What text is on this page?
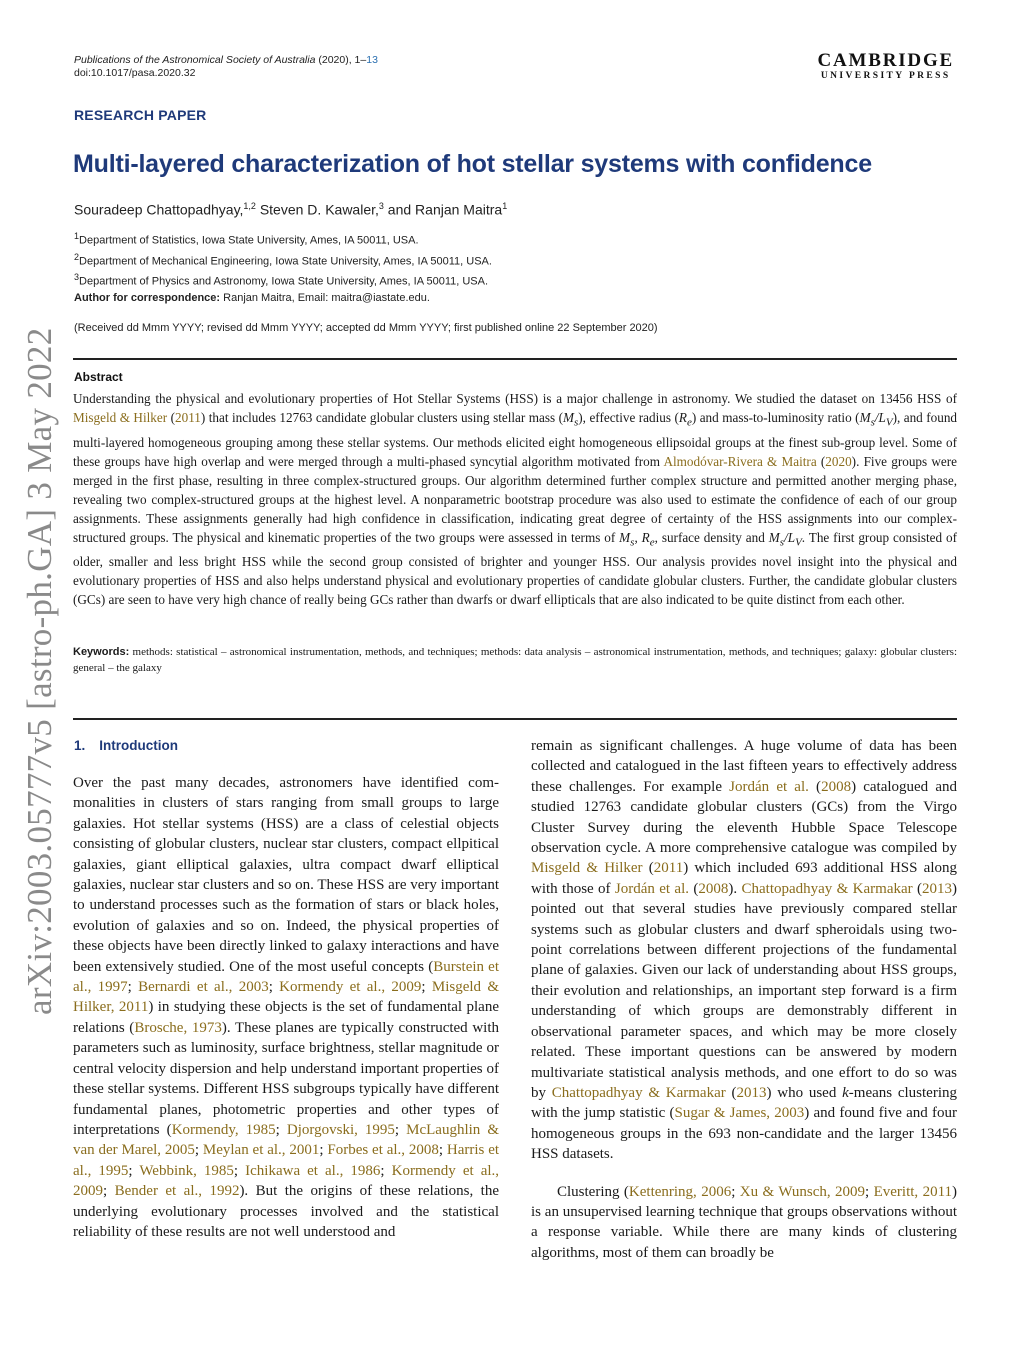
arXiv:2003.05777v5 [astro-ph.GA] 3 May 2022
Publications of the Astronomical Society of Australia (2020), 1–13
doi:10.1017/pasa.2020.32
CAMBRIDGE
UNIVERSITY PRESS
RESEARCH PAPER
Multi-layered characterization of hot stellar systems with confidence
Souradeep Chattopadhyay,$^{1,2}$ Steven D. Kawaler,$^3$ and Ranjan Maitra$^1$
$^1$Department of Statistics, Iowa State University, Ames, IA 50011, USA.
$^2$Department of Mechanical Engineering, Iowa State University, Ames, IA 50011, USA.
$^3$Department of Physics and Astronomy, Iowa State University, Ames, IA 50011, USA.
Author for correspondence: Ranjan Maitra, Email: maitra@iastate.edu.
(Received dd Mmm YYYY; revised dd Mmm YYYY; accepted dd Mmm YYYY; first published online 22 September 2020)
Abstract
Understanding the physical and evolutionary properties of Hot Stellar Systems (HSS) is a major challenge in astronomy. We studied the dataset on 13456 HSS of Misgeld & Hilker (2011) that includes 12763 candidate globular clusters using stellar mass $(M_s)$, effective radius $(R_e)$ and mass-to-luminosity ratio $(M_s/L_V)$, and found multi-layered homogeneous grouping among these stellar systems. Our methods elicited eight homogeneous ellipsoidal groups at the finest sub-group level. Some of these groups have high overlap and were merged through a multi-phased syncytial algorithm motivated from Almodóvar-Rivera & Maitra (2020). Five groups were merged in the first phase, resulting in three complex-structured groups. Our algorithm determined further complex structure and permitted another merging phase, revealing two complex-structured groups at the highest level. A nonparametric bootstrap procedure was also used to estimate the confidence of each of our group assignments. These assignments generally had high confidence in classification, indicating great degree of certainty of the HSS assignments into our complex-structured groups. The physical and kinematic properties of the two groups were assessed in terms of $M_s$, $R_e$, surface density and $M_s/L_V$. The first group consisted of older, smaller and less bright HSS while the second group consisted of brighter and younger HSS. Our analysis provides novel insight into the physical and evolutionary properties of HSS and also helps understand physical and evolutionary properties of candidate globular clusters. Further, the candidate globular clusters (GCs) are seen to have very high chance of really being GCs rather than dwarfs or dwarf ellipticals that are also indicated to be quite distinct from each other.
Keywords: methods: statistical – astronomical instrumentation, methods, and techniques; methods: data analysis – astronomical instrumentation, methods, and techniques; galaxy: globular clusters: general – the galaxy
1. Introduction

Over the past many decades, astronomers have identified commonalities in clusters of stars ranging from small groups to large galaxies. Hot stellar systems (HSS) are a class of celestial objects consisting of globular clusters, nuclear star clusters, compact ellpitical galaxies, giant elliptical galaxies, ultra compact dwarf elliptical galaxies, nuclear star clusters and so on. These HSS are very important to understand processes such as the formation of stars or black holes, evolution of galaxies and so on. Indeed, the physical properties of these objects have been directly linked to galaxy interactions and have been extensively studied. One of the most useful concepts (Burstein et al., 1997; Bernardi et al., 2003; Kormendy et al., 2009; Misgeld & Hilker, 2011) in studying these objects is the set of fundamental plane relations (Brosche, 1973). These planes are typically constructed with parameters such as luminosity, surface brightness, stellar magnitude or central velocity dispersion and help understand important properties of these stellar systems. Different HSS subgroups typically have different fundamental planes, photometric properties and other types of interpretations (Kormendy, 1985; Djorgovski, 1995; McLaughlin & van der Marel, 2005; Meylan et al., 2001; Forbes et al., 2008; Harris et al., 1995; Webbink, 1985; Ichikawa et al., 1986; Kormendy et al., 2009; Bender et al., 1992). But the origins of these relations, the underlying evolutionary processes involved and the statistical reliability of these results are not well understood and

remain as significant challenges. A huge volume of data has been collected and catalogued in the last fifteen years to effectively address these challenges. For example Jordán et al. (2008) catalogued and studied 12763 candidate globular clusters (GCs) from the Virgo Cluster Survey during the eleventh Hubble Space Telescope observation cycle. A more comprehensive catalogue was compiled by Misgeld & Hilker (2011) which included 693 additional HSS along with those of Jordán et al. (2008). Chattopadhyay & Karmakar (2013) pointed out that several studies have previously compared stellar systems such as globular clusters and dwarf spheroidals using two-point correlations between different projections of the fundamental plane of galaxies. Given our lack of understanding about HSS groups, their evolution and relationships, an important step forward is a firm understanding of which groups are demonstrably different in observational parameter spaces, and which may be more closely related. These important questions can be answered by modern multivariate statistical analysis methods, and one effort to do so was by Chattopadhyay & Karmakar (2013) who used k-means clustering with the jump statistic (Sugar & James, 2003) and found five and four homogeneous groups in the 693 non-candidate and the larger 13456 HSS datasets.

Clustering (Kettenring, 2006; Xu & Wunsch, 2009; Everitt, 2011) is an unsupervised learning technique that groups observations without a response variable. While there are many kinds of clustering algorithms, most of them can broadly be
